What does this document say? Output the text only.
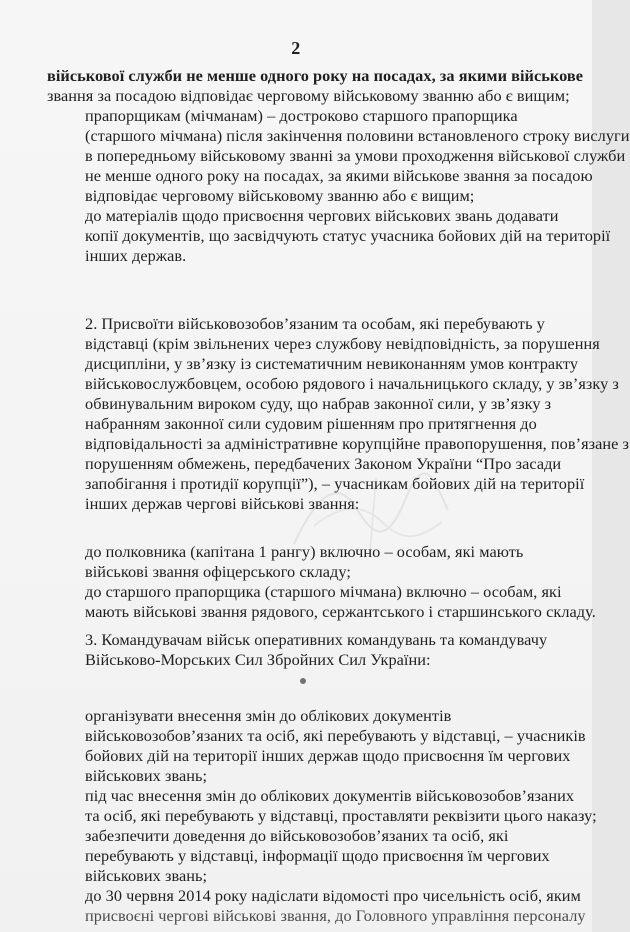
2

військової служби не менше одного року на посадах, за якими військове
звання за посадою відповідає черговому військовому званню або є вищим;

прапорщикам (мічманам) – достроково старшого прапорщика
(старшого мічмана) після закінчення половини встановленого строку вислуги
в попередньому військовому званні за умови проходження військової служби
не менше одного року на посадах, за якими військове звання за посадою
відповідає черговому військовому званню або є вищим;

до матеріалів щодо присвоєння чергових військових звань додавати
копії документів, що засвідчують статус учасника бойових дій на території
інших держав.

2. Присвоїти військовозобов’язаним та особам, які перебувають у
відставці (крім звільнених через службову невідповідність, за порушення
дисципліни, у зв’язку із систематичним невиконанням умов контракту
військовослужбовцем, особою рядового і начальницького складу, у зв’язку з
обвинувальним вироком суду, що набрав законної сили, у зв’язку з
набранням законної сили судовим рішенням про притягнення до
відповідальності за адміністративне корупційне правопорушення, пов’язане з
порушенням обмежень, передбачених Законом України “Про засади
запобігання і протидії корупції”), – учасникам бойових дій на території
інших держав чергові військові звання:

до полковника (капітана 1 рангу) включно – особам, які мають
військові звання офіцерського складу;

до старшого прапорщика (старшого мічмана) включно – особам, які
мають військові звання рядового, сержантського і старшинського складу.

3. Командувачам військ оперативних командувань та командувачу
Військово-Морських Сил Збройних Сил України:

організувати внесення змін до облікових документів
військовозобов’язаних та осіб, які перебувають у відставці, – учасників
бойових дій на території інших держав щодо присвоєння їм чергових
військових звань;

під час внесення змін до облікових документів військовозобов’язаних
та осіб, які перебувають у відставці, проставляти реквізити цього наказу;

забезпечити доведення до військовозобов’язаних та осіб, які
перебувають у відставці, інформації щодо присвоєння їм чергових
військових звань;

до 30 червня 2014 року надіслати відомості про чисельність осіб, яким
присвоєні чергові військові звання, до Головного управління персоналу
